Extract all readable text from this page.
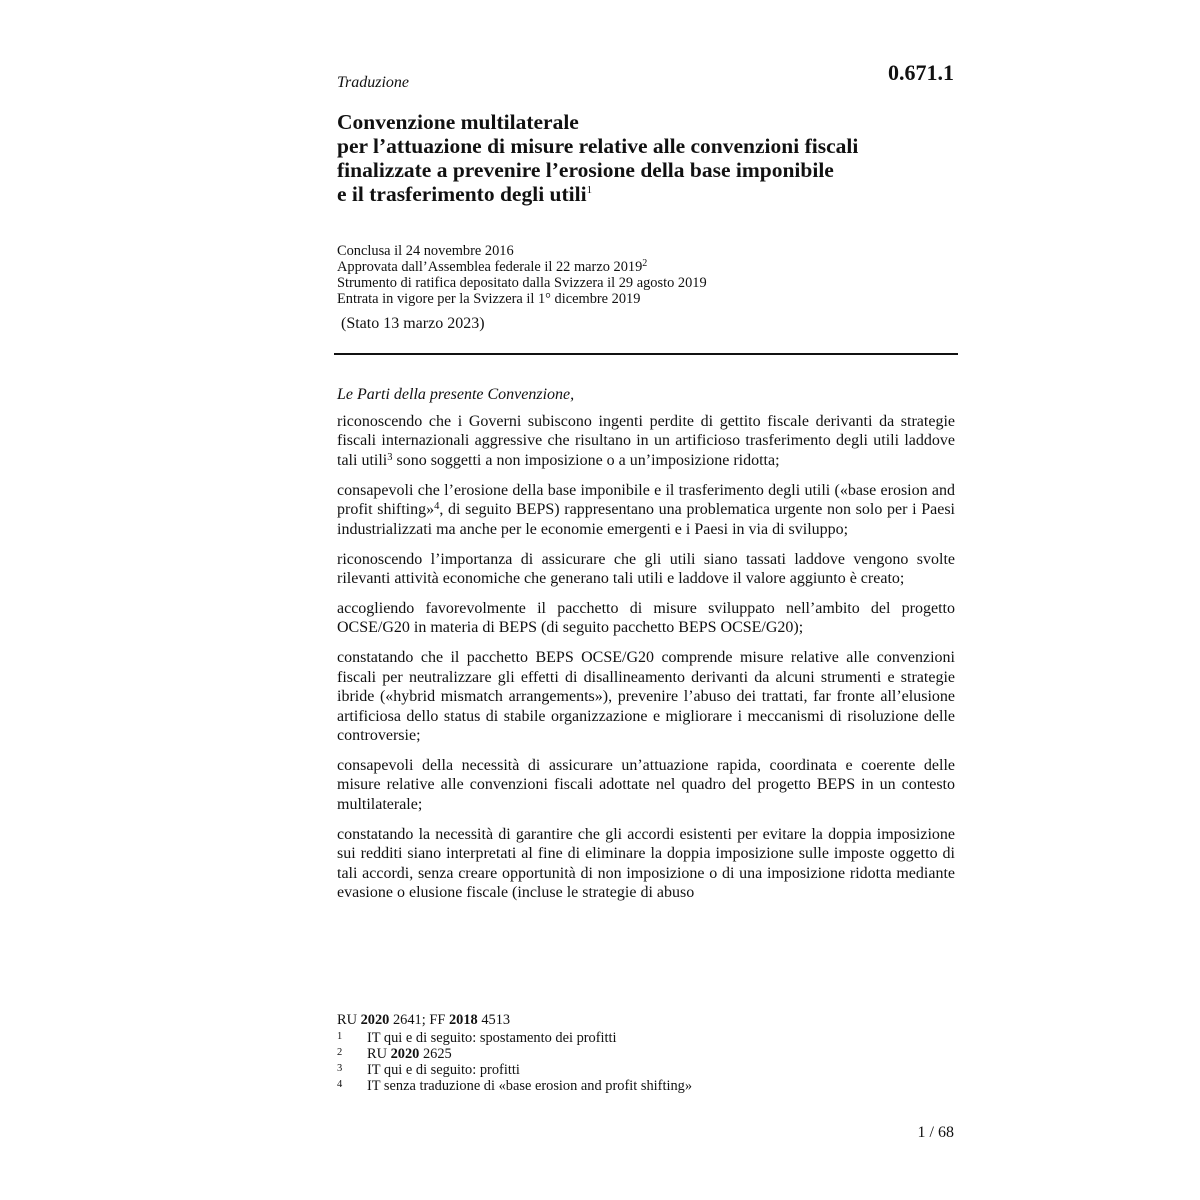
0.671.1
Traduzione
Convenzione multilaterale
per l’attuazione di misure relative alle convenzioni fiscali
finalizzate a prevenire l’erosione della base imponibile
e il trasferimento degli utili$^1$
Conclusa il 24 novembre 2016
Approvata dall’Assemblea federale il 22 marzo 2019$^2$
Strumento di ratifica depositato dalla Svizzera il 29 agosto 2019
Entrata in vigore per la Svizzera il 1° dicembre 2019
(Stato 13 marzo 2023)
Le Parti della presente Convenzione,

riconoscendo che i Governi subiscono ingenti perdite di gettito fiscale derivanti da strategie fiscali internazionali aggressive che risultano in un artificioso trasferimento degli utili laddove tali utili$^3$ sono soggetti a non imposizione o a un’imposizione ridotta;

consapevoli che l’erosione della base imponibile e il trasferimento degli utili («base erosion and profit shifting»$^4$, di seguito BEPS) rappresentano una problematica urgente non solo per i Paesi industrializzati ma anche per le economie emergenti e i Paesi in via di sviluppo;

riconoscendo l’importanza di assicurare che gli utili siano tassati laddove vengono svolte rilevanti attività economiche che generano tali utili e laddove il valore aggiunto è creato;

accogliendo favorevolmente il pacchetto di misure sviluppato nell’ambito del progetto OCSE/G20 in materia di BEPS (di seguito pacchetto BEPS OCSE/G20);

constatando che il pacchetto BEPS OCSE/G20 comprende misure relative alle convenzioni fiscali per neutralizzare gli effetti di disallineamento derivanti da alcuni strumenti e strategie ibride («hybrid mismatch arrangements»), prevenire l’abuso dei trattati, far fronte all’elusione artificiosa dello status di stabile organizzazione e migliorare i meccanismi di risoluzione delle controversie;

consapevoli della necessità di assicurare un’attuazione rapida, coordinata e coerente delle misure relative alle convenzioni fiscali adottate nel quadro del progetto BEPS in un contesto multilaterale;

constatando la necessità di garantire che gli accordi esistenti per evitare la doppia imposizione sui redditi siano interpretati al fine di eliminare la doppia imposizione sulle imposte oggetto di tali accordi, senza creare opportunità di non imposizione o di una imposizione ridotta mediante evasione o elusione fiscale (incluse le strategie di abuso

RU 2020 2641; FF 2018 4513
1	IT qui e di seguito: spostamento dei profitti
2	RU 2020 2625
3	IT qui e di seguito: profitti
4	IT senza traduzione di «base erosion and profit shifting»
1 / 68
